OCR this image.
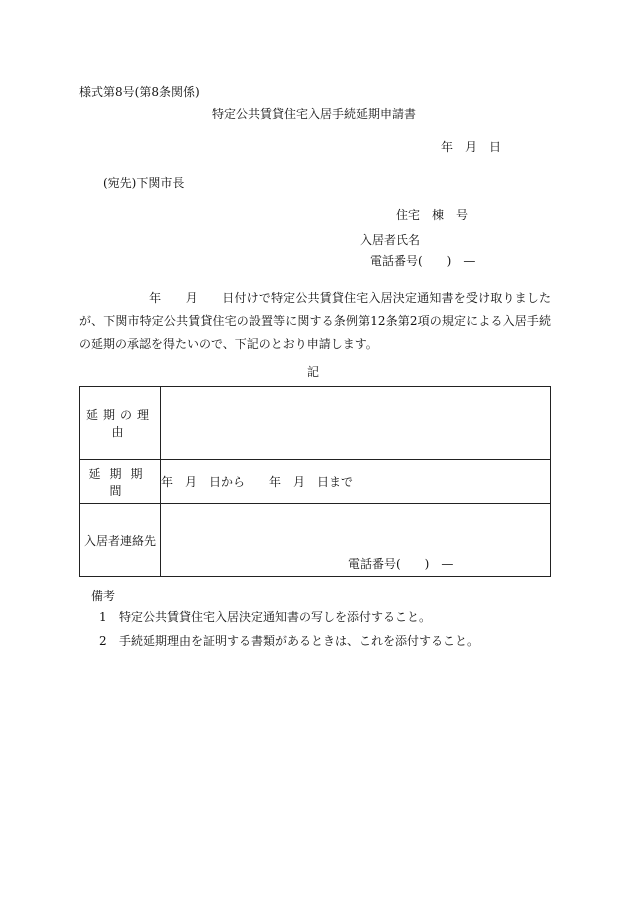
様式第8号(第8条関係)
特定公共賃貸住宅入居手続延期申請書
年　月　日
(宛先)下関市長
住宅　棟　号
入居者氏名
電話番号(　　)　—
年　　月　　日付けで特定公共賃貸住宅入居決定通知書を受け取りましたが、下関市特定公共賃貸住宅の設置等に関する条例第12条第2項の規定による入居手続の延期の承認を得たいので、下記のとおり申請します。
記
延期の理由	
延期期間	年　月　日から　　年　月　日まで
入居者連絡先	電話番号(　　)　—
備考
1 特定公共賃貸住宅入居決定通知書の写しを添付すること。
2 手続延期理由を証明する書類があるときは、これを添付すること。
